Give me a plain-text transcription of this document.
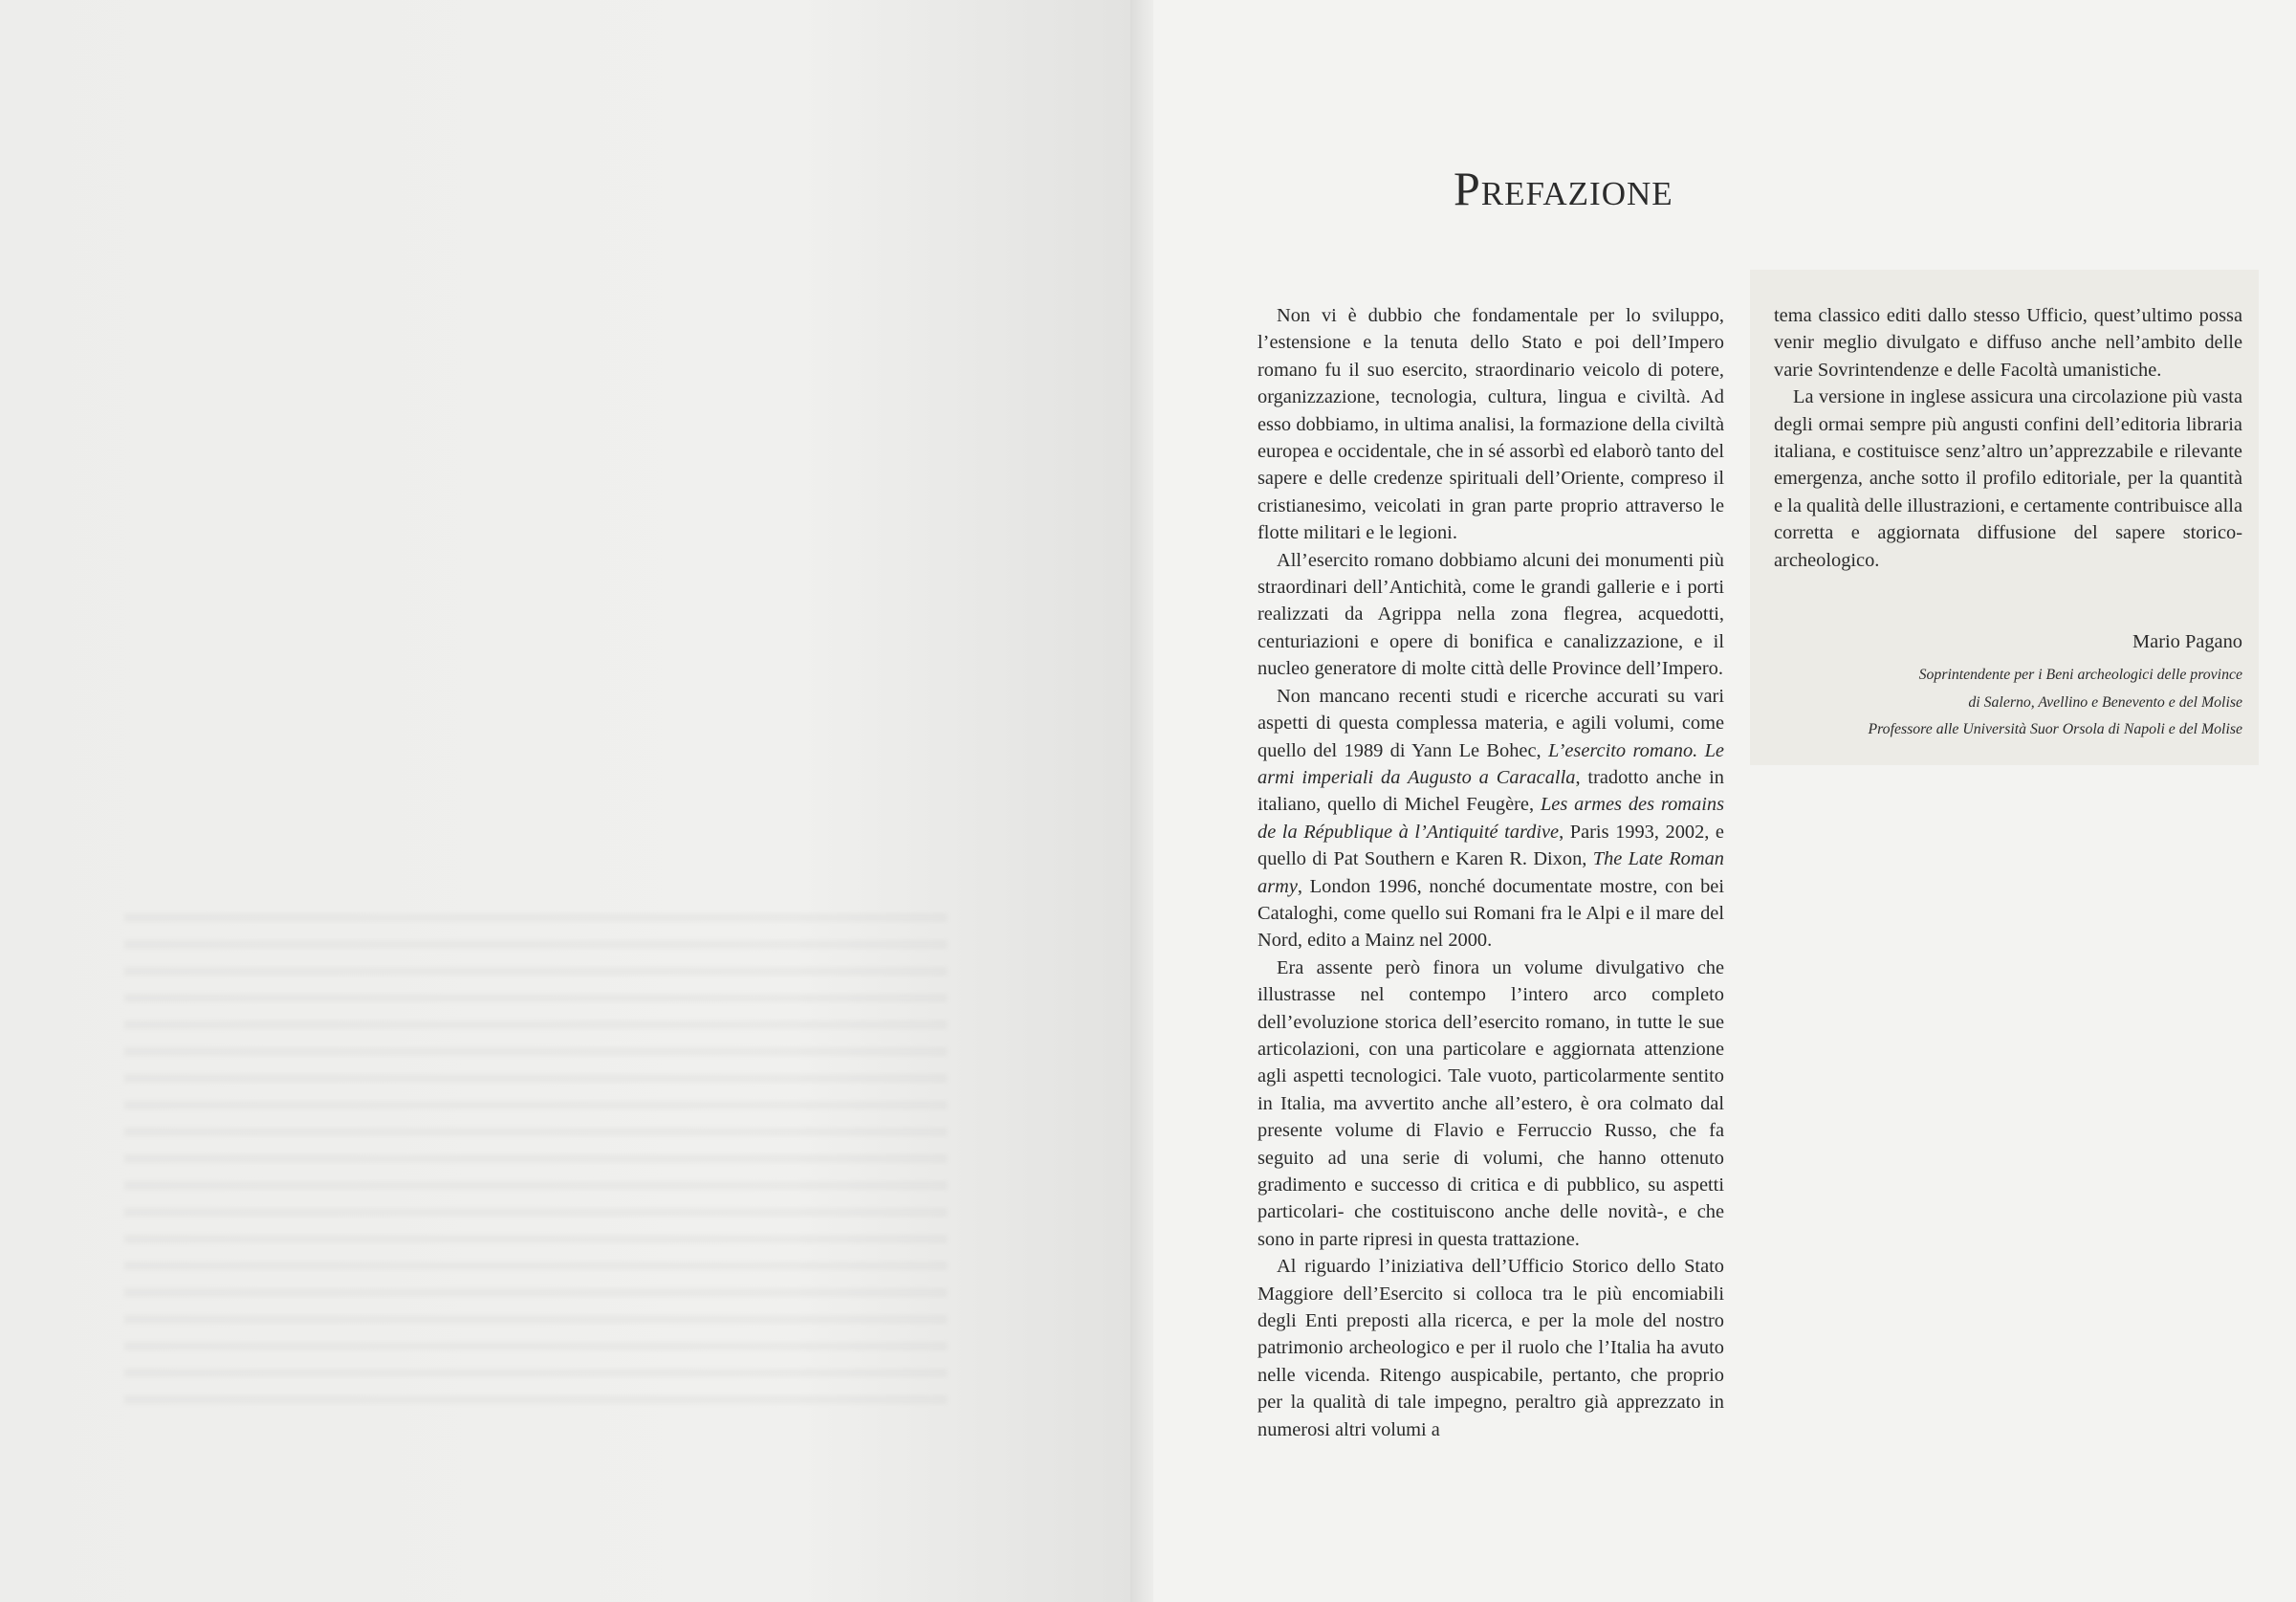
Prefazione

Non vi è dubbio che fondamentale per lo sviluppo, l’estensione e la tenuta dello Stato e poi dell’Impero romano fu il suo esercito, straordinario veicolo di potere, organizzazione, tecnologia, cultura, lingua e civiltà. Ad esso dobbiamo, in ultima analisi, la formazione della civiltà europea e occidentale, che in sé assorbì ed elaborò tanto del sapere e delle credenze spirituali dell’Oriente, compreso il cristianesimo, veicolati in gran parte proprio attraverso le flotte militari e le legioni.

All’esercito romano dobbiamo alcuni dei monumenti più straordinari dell’Antichità, come le grandi gallerie e i porti realizzati da Agrippa nella zona flegrea, acquedotti, centuriazioni e opere di bonifica e canalizzazione, e il nucleo generatore di molte città delle Province dell’Impero.

Non mancano recenti studi e ricerche accurati su vari aspetti di questa complessa materia, e agili volumi, come quello del 1989 di Yann Le Bohec, L’esercito romano. Le armi imperiali da Augusto a Caracalla, tradotto anche in italiano, quello di Michel Feugère, Les armes des romains de la République à l’Antiquité tardive, Paris 1993, 2002, e quello di Pat Southern e Karen R. Dixon, The Late Roman army, London 1996, nonché documentate mostre, con bei Cataloghi, come quello sui Romani fra le Alpi e il mare del Nord, edito a Mainz nel 2000.

Era assente però finora un volume divulgativo che illustrasse nel contempo l’intero arco completo dell’evoluzione storica dell’esercito romano, in tutte le sue articolazioni, con una particolare e aggiornata attenzione agli aspetti tecnologici. Tale vuoto, particolarmente sentito in Italia, ma avvertito anche all’estero, è ora colmato dal presente volume di Flavio e Ferruccio Russo, che fa seguito ad una serie di volumi, che hanno ottenuto gradimento e successo di critica e di pubblico, su aspetti particolari- che costituiscono anche delle novità-, e che sono in parte ripresi in questa trattazione.

Al riguardo l’iniziativa dell’Ufficio Storico dello Stato Maggiore dell’Esercito si colloca tra le più encomiabili degli Enti preposti alla ricerca, e per la mole del nostro patrimonio archeologico e per il ruolo che l’Italia ha avuto nelle vicenda. Ritengo auspicabile, pertanto, che proprio per la qualità di tale impegno, peraltro già apprezzato in numerosi altri volumi a

tema classico editi dallo stesso Ufficio, quest’ultimo possa venir meglio divulgato e diffuso anche nell’ambito delle varie Sovrintendenze e delle Facoltà umanistiche.

La versione in inglese assicura una circolazione più vasta degli ormai sempre più angusti confini dell’editoria libraria italiana, e costituisce senz’altro un’apprezzabile e rilevante emergenza, anche sotto il profilo editoriale, per la quantità e la qualità delle illustrazioni, e certamente contribuisce alla corretta e aggiornata diffusione del sapere storico-archeologico.

Mario Pagano
Soprintendente per i Beni archeologici delle province
di Salerno, Avellino e Benevento e del Molise
Professore alle Università Suor Orsola di Napoli e del Molise
